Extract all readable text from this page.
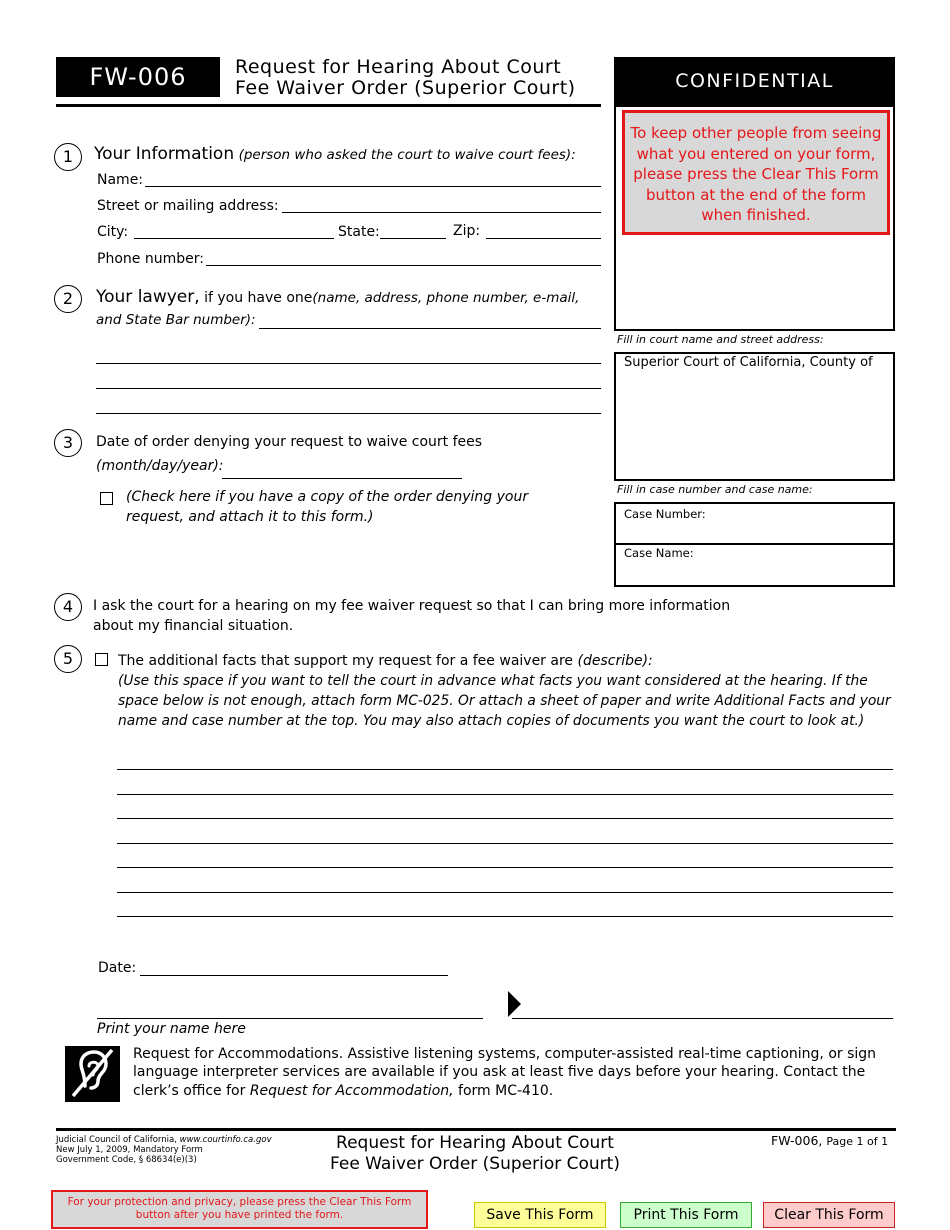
FW-006	Request for Hearing About Court
Fee Waiver Order (Superior Court)	CONFIDENTIAL
To keep other people from seeing what you entered on your form, please press the Clear This Form button at the end of the form when finished.
Fill in court name and street address:
Superior Court of California, County of
Fill in case number and case name:
Case Number:
Case Name:
1	Your Information (person who asked the court to waive court fees):
Name:
Street or mailing address:
City:	State:	Zip:
Phone number:
2	Your lawyer, if you have one(name, address, phone number, e-mail,
and State Bar number):
3	Date of order denying your request to waive court fees
(month/day/year):
(Check here if you have a copy of the order denying your
request, and attach it to this form.)
4	I ask the court for a hearing on my fee waiver request so that I can bring more information
about my financial situation.
5	The additional facts that support my request for a fee waiver are (describe):
(Use this space if you want to tell the court in advance what facts you want considered at the hearing. If the
space below is not enough, attach form MC-025. Or attach a sheet of paper and write Additional Facts and your
name and case number at the top. You may also attach copies of documents you want the court to look at.)
Date:
Print your name here
Request for Accommodations. Assistive listening systems, computer-assisted real-time captioning, or sign
language interpreter services are available if you ask at least five days before your hearing. Contact the
clerk’s office for Request for Accommodation, form MC-410.
Judicial Council of California, www.courtinfo.ca.gov
New July 1, 2009, Mandatory Form
Government Code, § 68634(e)(3)
Request for Hearing About Court
Fee Waiver Order (Superior Court)
FW-006, Page 1 of 1
For your protection and privacy, please press the Clear This Form
button after you have printed the form.	Save This Form	Print This Form	Clear This Form
